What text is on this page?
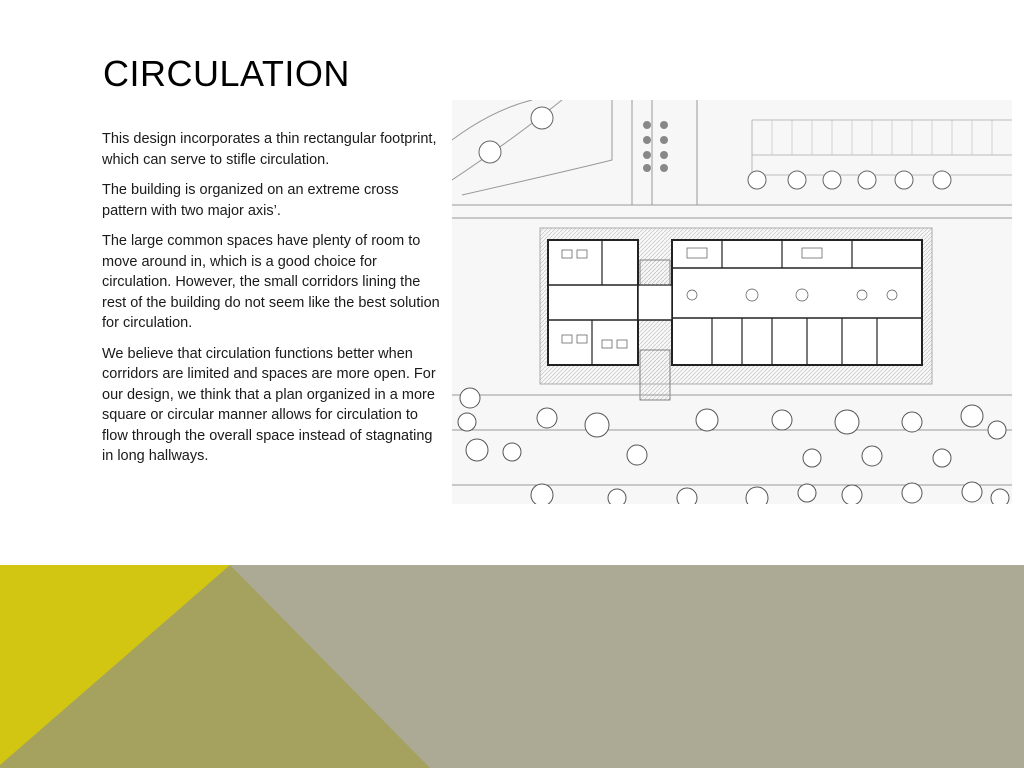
CIRCULATION

This design incorporates a thin rectangular footprint, which can serve to stifle circulation.

The building is organized on an extreme cross pattern with two major axis’.

The large common spaces have plenty of room to move around in, which is a good choice for circulation. However, the small corridors lining the rest of the building do not seem like the best solution for circulation.

We believe that circulation functions better when corridors are limited and spaces are more open. For our design, we think that a plan organized in a more square or circular manner allows for circulation to flow through the overall space instead of stagnating in long hallways.
